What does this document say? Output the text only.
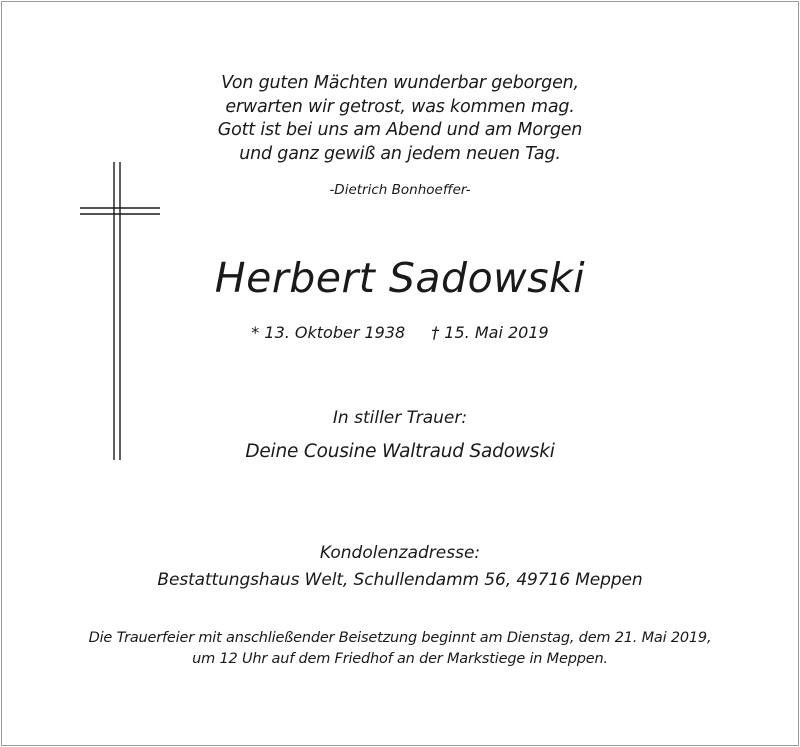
Von guten Mächten wunderbar geborgen,
erwarten wir getrost, was kommen mag.
Gott ist bei uns am Abend und am Morgen
und ganz gewiß an jedem neuen Tag.
-Dietrich Bonhoeffer-
Herbert Sadowski
* 13. Oktober 1938 † 15. Mai 2019
In stiller Trauer:
Deine Cousine Waltraud Sadowski
Kondolenzadresse:
Bestattungshaus Welt, Schullendamm 56, 49716 Meppen
Die Trauerfeier mit anschließender Beisetzung beginnt am Dienstag, dem 21. Mai 2019,
um 12 Uhr auf dem Friedhof an der Markstiege in Meppen.
